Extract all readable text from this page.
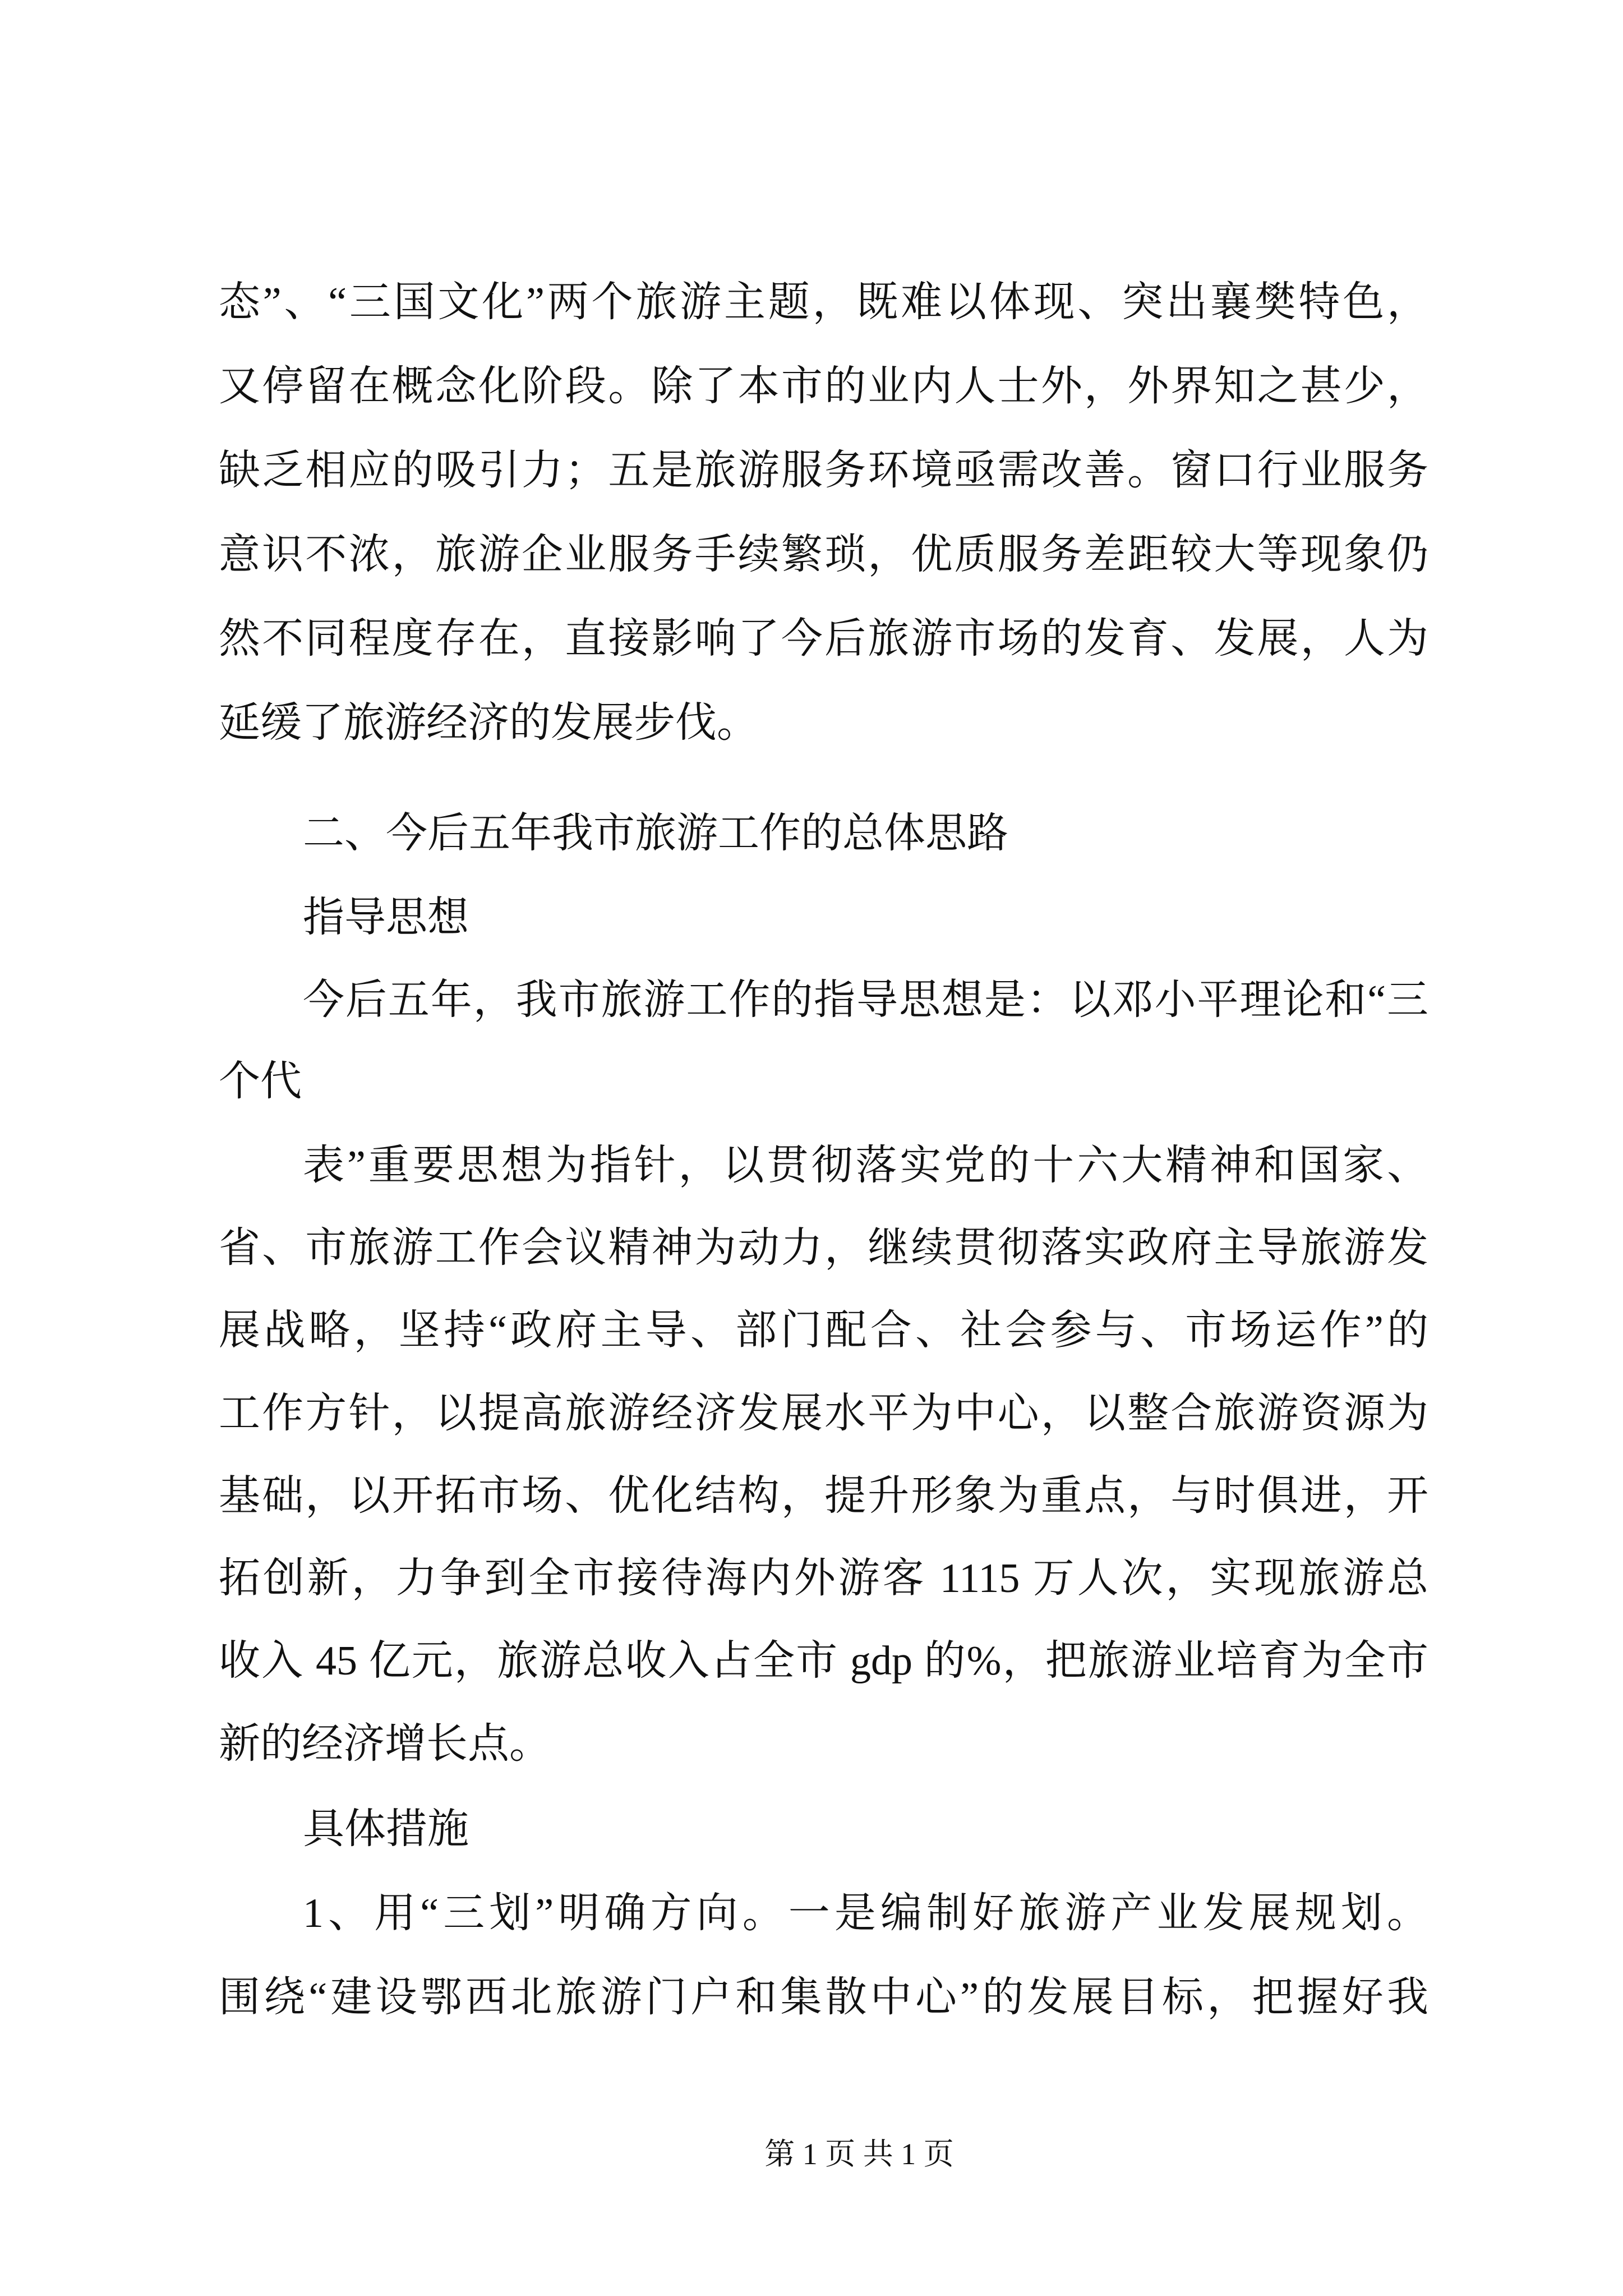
态”、“三国文化”两个旅游主题，既难以体现、突出襄樊特色，
又停留在概念化阶段。除了本市的业内人士外，外界知之甚少，
缺乏相应的吸引力；五是旅游服务环境亟需改善。窗口行业服务
意识不浓，旅游企业服务手续繁琐，优质服务差距较大等现象仍
然不同程度存在，直接影响了今后旅游市场的发育、发展，人为
延缓了旅游经济的发展步伐。
二、今后五年我市旅游工作的总体思路
指导思想
今后五年，我市旅游工作的指导思想是：以邓小平理论和“三
个代
表”重要思想为指针，以贯彻落实党的十六大精神和国家、
省、市旅游工作会议精神为动力，继续贯彻落实政府主导旅游发
展战略，坚持“政府主导、部门配合、社会参与、市场运作”的
工作方针，以提高旅游经济发展水平为中心，以整合旅游资源为
基础，以开拓市场、优化结构，提升形象为重点，与时俱进，开
拓创新，力争到全市接待海内外游客 1115 万人次，实现旅游总
收入 45 亿元，旅游总收入占全市 gdp 的%，把旅游业培育为全市
新的经济增长点。
具体措施
1、用“三划”明确方向。一是编制好旅游产业发展规划。
围绕“建设鄂西北旅游门户和集散中心”的发展目标，把握好我
第 1 页 共 1 页
